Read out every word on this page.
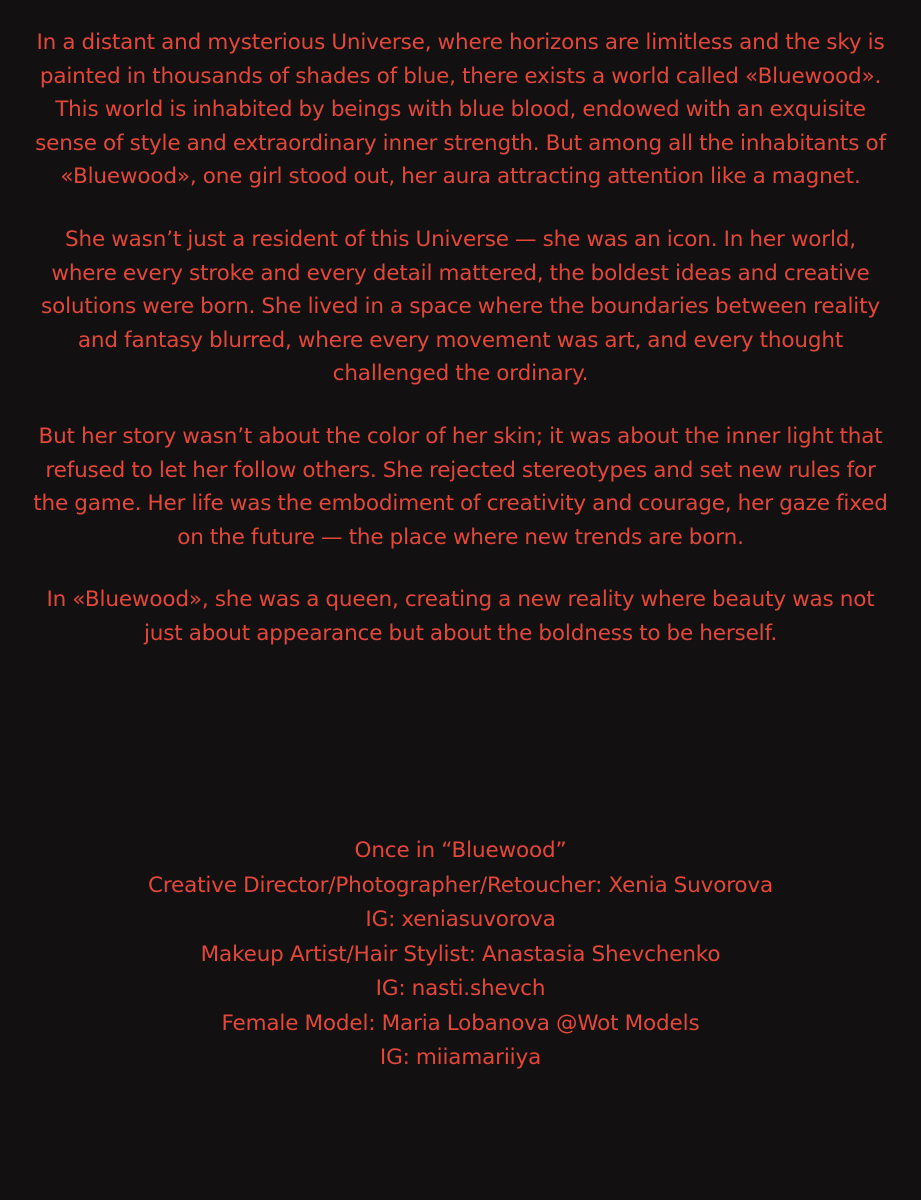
In a distant and mysterious Universe, where horizons are limitless and the sky is painted in thousands of shades of blue, there exists a world called «Bluewood». This world is inhabited by beings with blue blood, endowed with an exquisite sense of style and extraordinary inner strength. But among all the inhabitants of «Bluewood», one girl stood out, her aura attracting attention like a magnet.

She wasn’t just a resident of this Universe — she was an icon. In her world, where every stroke and every detail mattered, the boldest ideas and creative solutions were born. She lived in a space where the boundaries between reality and fantasy blurred, where every movement was art, and every thought challenged the ordinary.

But her story wasn’t about the color of her skin; it was about the inner light that refused to let her follow others. She rejected stereotypes and set new rules for the game. Her life was the embodiment of creativity and courage, her gaze fixed on the future — the place where new trends are born.

In «Bluewood», she was a queen, creating a new reality where beauty was not just about appearance but about the boldness to be herself.

Once in “Bluewood”
Creative Director/Photographer/Retoucher: Xenia Suvorova
IG: xeniasuvorova
Makeup Artist/Hair Stylist: Anastasia Shevchenko
IG: nasti.shevch
Female Model: Maria Lobanova @Wot Models
IG: miiamariiya
